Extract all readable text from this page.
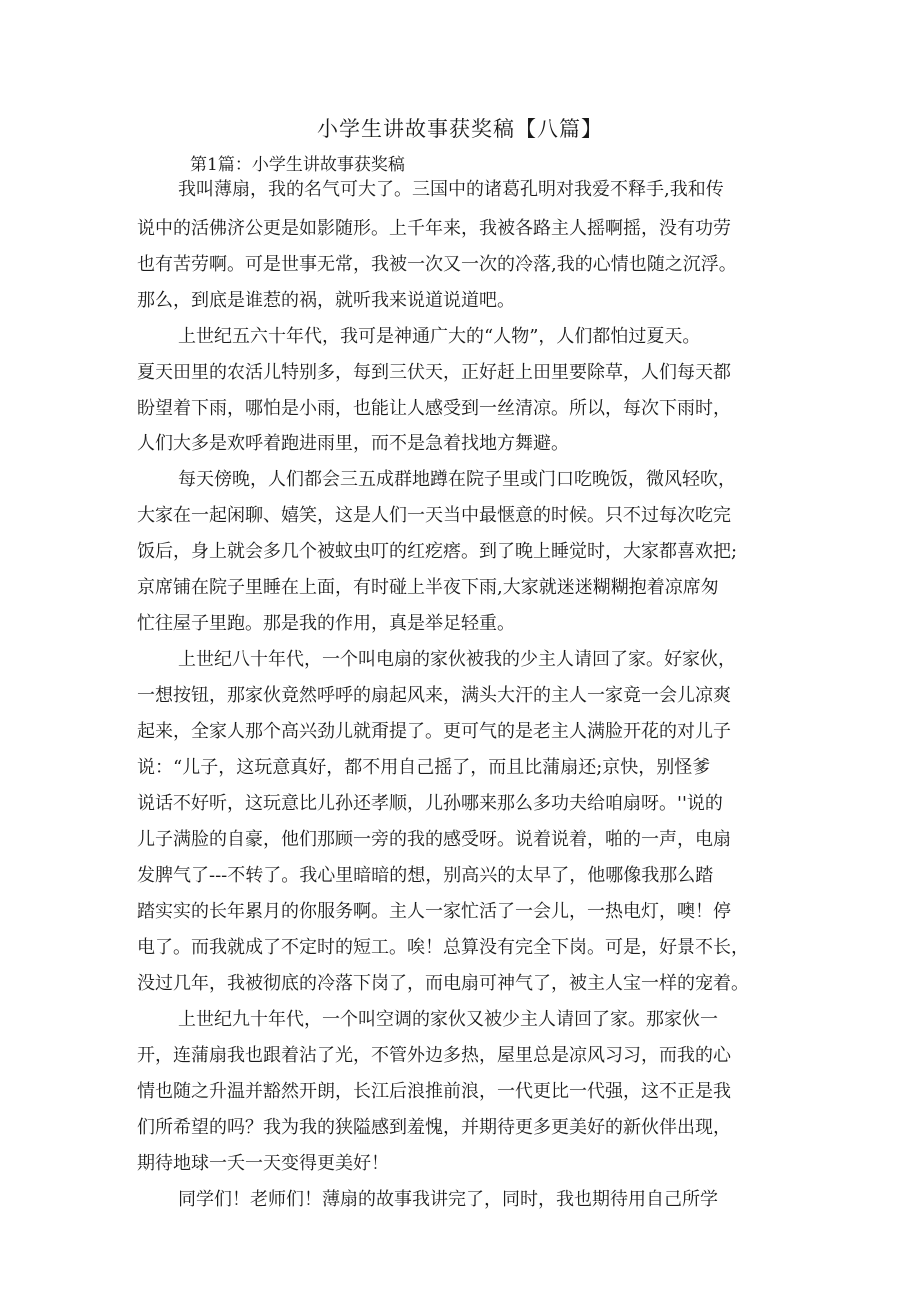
小学生讲故事获奖稿【八篇】
第1篇：小学生讲故事获奖稿

我叫薄扇，我的名气可大了。三国中的诸葛孔明对我爱不释手,我和传

说中的活佛济公更是如影随形。上千年来，我被各路主人摇啊摇，没有功劳

也有苦劳啊。可是世事无常，我被一次又一次的冷落,我的心情也随之沉浮。

那么，到底是谁惹的祸，就听我来说道说道吧。

上世纪五六十年代，我可是神通广大的“人物”，人们都怕过夏天。

夏天田里的农活儿特别多，每到三伏天，正好赶上田里要除草，人们每天都

盼望着下雨，哪怕是小雨，也能让人感受到一丝清凉。所以，每次下雨时，

人们大多是欢呼着跑进雨里，而不是急着找地方舞避。

每天傍晚，人们都会三五成群地蹲在院子里或门口吃晚饭，微风轻吹，

大家在一起闲聊、嬉笑，这是人们一天当中最惬意的时候。只不过每次吃完

饭后，身上就会多几个被蚊虫叮的红疙瘩。到了晚上睡觉时，大家都喜欢把;

京席铺在院子里睡在上面，有时碰上半夜下雨,大家就迷迷糊糊抱着凉席匆

忙往屋子里跑。那是我的作用，真是举足轻重。

上世纪八十年代，一个叫电扇的家伙被我的少主人请回了家。好家伙，

一想按钮，那家伙竟然呼呼的扇起风来，满头大汗的主人一家竟一会儿凉爽

起来，全家人那个高兴劲儿就甭提了。更可气的是老主人满脸开花的对儿子

说：“儿子，这玩意真好，都不用自己摇了，而且比蒲扇还;京快，别怪爹

说话不好听，这玩意比儿孙还孝顺，儿孙哪来那么多功夫给咱扇呀。''说的

儿子满脸的自豪，他们那顾一旁的我的感受呀。说着说着，啪的一声，电扇

发脾气了---不转了。我心里暗暗的想，别高兴的太早了，他哪像我那么踏

踏实实的长年累月的你服务啊。主人一家忙活了一会儿，一热电灯，噢！停

电了。而我就成了不定时的短工。唉！总算没有完全下岗。可是，好景不长，

没过几年，我被彻底的冷落下岗了，而电扇可神气了，被主人宝一样的宠着。

上世纪九十年代，一个叫空调的家伙又被少主人请回了家。那家伙一

开，连蒲扇我也跟着沾了光，不管外边多热，屋里总是凉风习习，而我的心

情也随之升温并豁然开朗，长江后浪推前浪，一代更比一代强，这不正是我

们所希望的吗？我为我的狭隘感到羞愧，并期待更多更美好的新伙伴出现，

期待地球一夭一天变得更美好！

同学们！老师们！薄扇的故事我讲完了，同时，我也期待用自己所学
